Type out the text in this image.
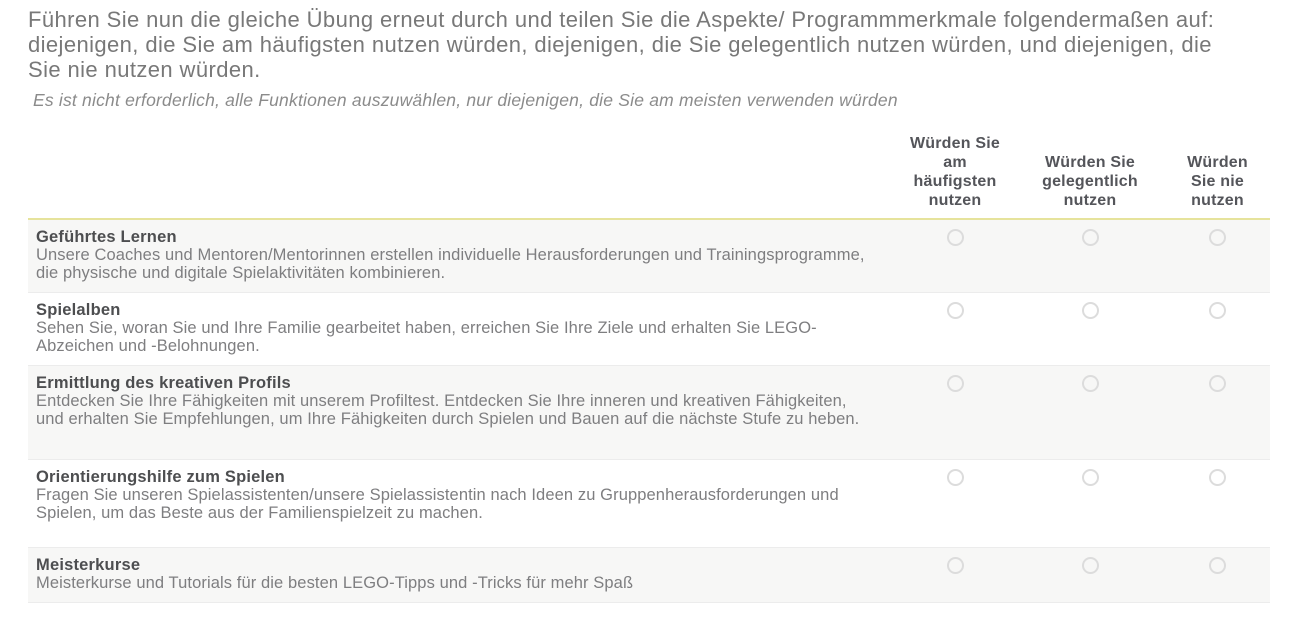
Führen Sie nun die gleiche Übung erneut durch und teilen Sie die Aspekte/ Programmmerkmale folgendermaßen auf: diejenigen, die Sie am häufigsten nutzen würden, diejenigen, die Sie gelegentlich nutzen würden, und diejenigen, die Sie nie nutzen würden.
Es ist nicht erforderlich, alle Funktionen auszuwählen, nur diejenigen, die Sie am meisten verwenden würden
Würden Sie am häufigsten nutzen
Würden Sie gelegentlich nutzen
Würden Sie nie nutzen
Geführtes Lernen
Unsere Coaches und Mentoren/Mentorinnen erstellen individuelle Herausforderungen und Trainingsprogramme, die physische und digitale Spielaktivitäten kombinieren.
Spielalben
Sehen Sie, woran Sie und Ihre Familie gearbeitet haben, erreichen Sie Ihre Ziele und erhalten Sie LEGO-Abzeichen und -Belohnungen.
Ermittlung des kreativen Profils
Entdecken Sie Ihre Fähigkeiten mit unserem Profiltest. Entdecken Sie Ihre inneren und kreativen Fähigkeiten, und erhalten Sie Empfehlungen, um Ihre Fähigkeiten durch Spielen und Bauen auf die nächste Stufe zu heben.
Orientierungshilfe zum Spielen
Fragen Sie unseren Spielassistenten/unsere Spielassistentin nach Ideen zu Gruppenherausforderungen und Spielen, um das Beste aus der Familienspielzeit zu machen.
Meisterkurse
Meisterkurse und Tutorials für die besten LEGO-Tipps und -Tricks für mehr Spaß
